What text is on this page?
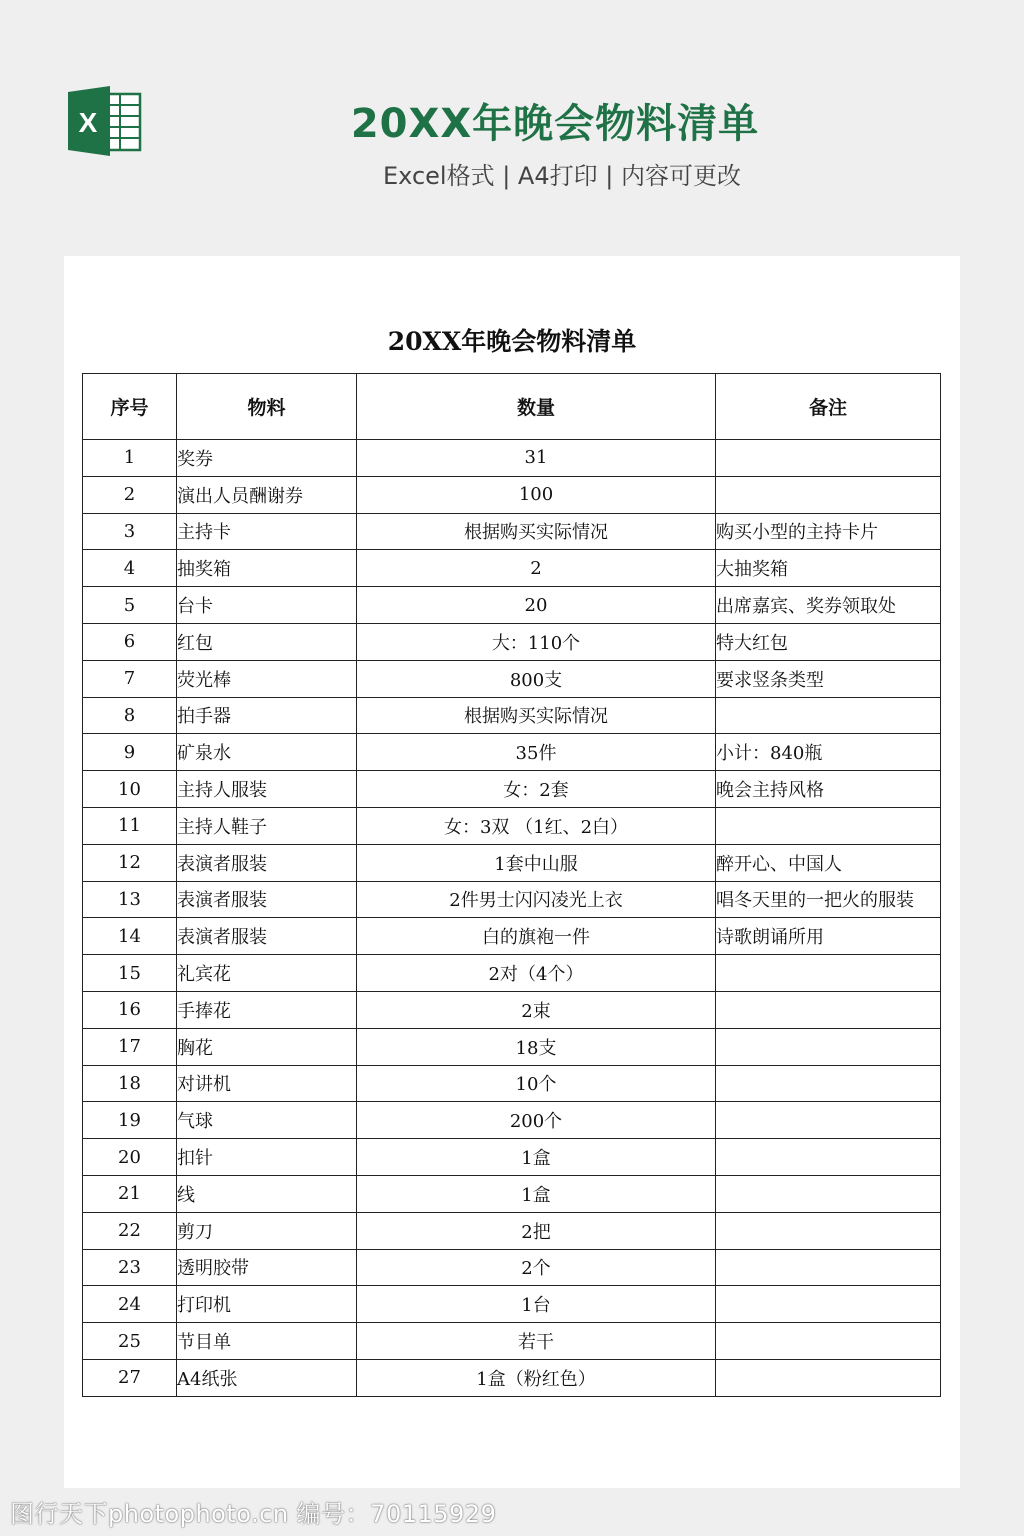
X	20XX年晚会物料清单
Excel格式 | A4打印 | 内容可更改
20XX年晚会物料清单
序号	物料	数量	备注
1	奖券	31	
2	演出人员酬谢券	100	
3	主持卡	根据购买实际情况	购买小型的主持卡片
4	抽奖箱	2	大抽奖箱
5	台卡	20	出席嘉宾、奖券领取处
6	红包	大：110个	特大红包
7	荧光棒	800支	要求竖条类型
8	拍手器	根据购买实际情况	
9	矿泉水	35件	小计：840瓶
10	主持人服装	女：2套	晚会主持风格
11	主持人鞋子	女：3双 （1红、2白）	
12	表演者服装	1套中山服	醉开心、中国人
13	表演者服装	2件男士闪闪凌光上衣	唱冬天里的一把火的服装
14	表演者服装	白的旗袍一件	诗歌朗诵所用
15	礼宾花	2对（4个）	
16	手捧花	2束	
17	胸花	18支	
18	对讲机	10个	
19	气球	200个	
20	扣针	1盒	
21	线	1盒	
22	剪刀	2把	
23	透明胶带	2个	
24	打印机	1台	
25	节目单	若干	
27	A4纸张	1盒（粉红色）	
图行天下photophoto.cn 编号：70115929
